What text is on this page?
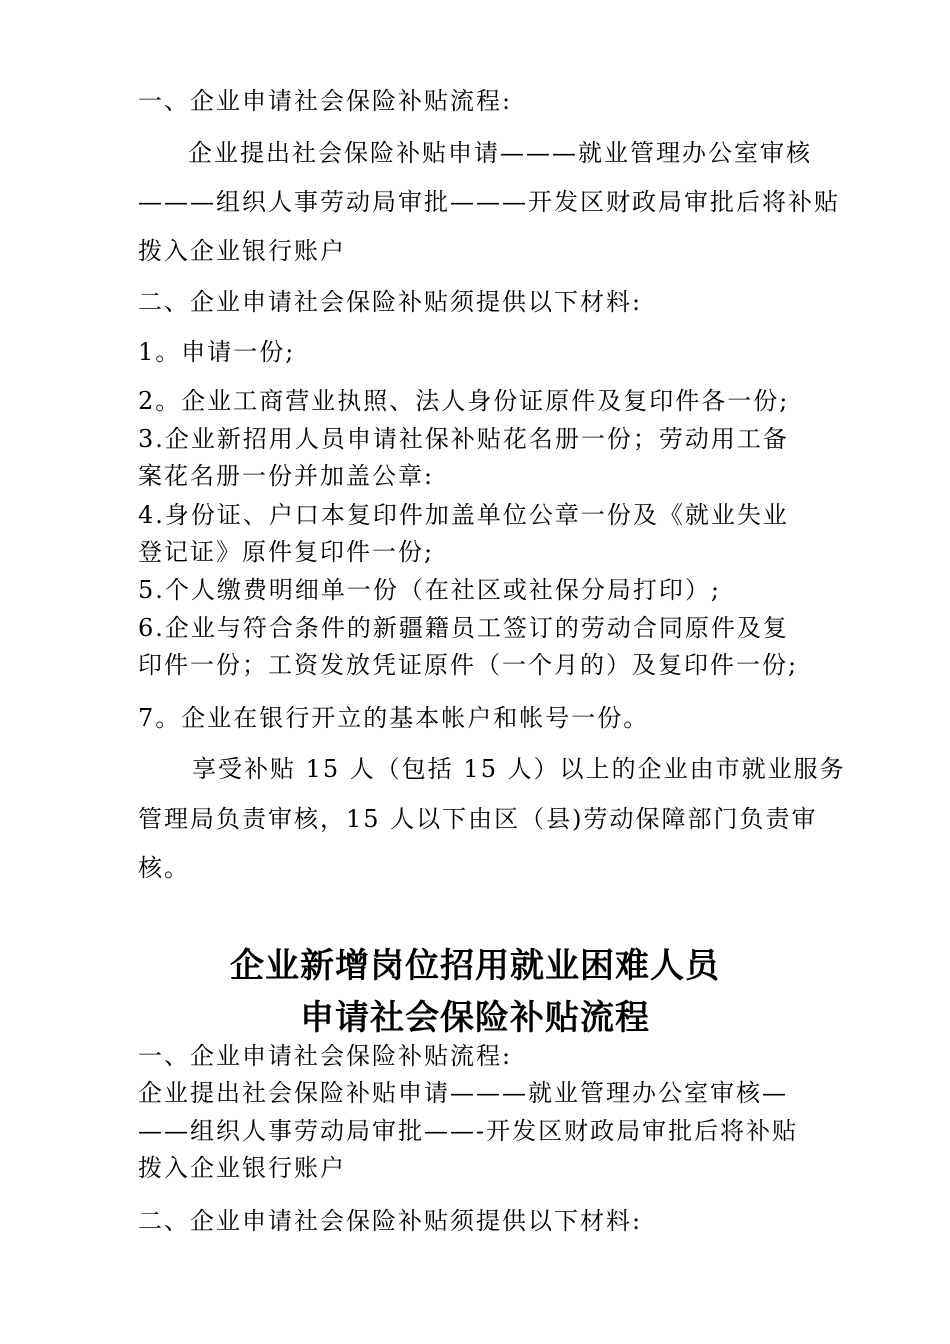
一、企业申请社会保险补贴流程:
企业提出社会保险补贴申请———就业管理办公室审核
———组织人事劳动局审批———开发区财政局审批后将补贴
拨入企业银行账户
二、企业申请社会保险补贴须提供以下材料:
1。申请一份;
2。企业工商营业执照、法人身份证原件及复印件各一份;
3.企业新招用人员申请社保补贴花名册一份；劳动用工备
案花名册一份并加盖公章:
4.身份证、户口本复印件加盖单位公章一份及《就业失业
登记证》原件复印件一份;
5.个人缴费明细单一份（在社区或社保分局打印）;
6.企业与符合条件的新疆籍员工签订的劳动合同原件及复
印件一份；工资发放凭证原件（一个月的）及复印件一份;
7。企业在银行开立的基本帐户和帐号一份。
享受补贴 15 人（包括 15 人）以上的企业由市就业服务
管理局负责审核，15 人以下由区（县)劳动保障部门负责审
核。
企业新增岗位招用就业困难人员
申请社会保险补贴流程
一、企业申请社会保险补贴流程:
企业提出社会保险补贴申请———就业管理办公室审核—
——组织人事劳动局审批——-开发区财政局审批后将补贴
拨入企业银行账户
二、企业申请社会保险补贴须提供以下材料:
